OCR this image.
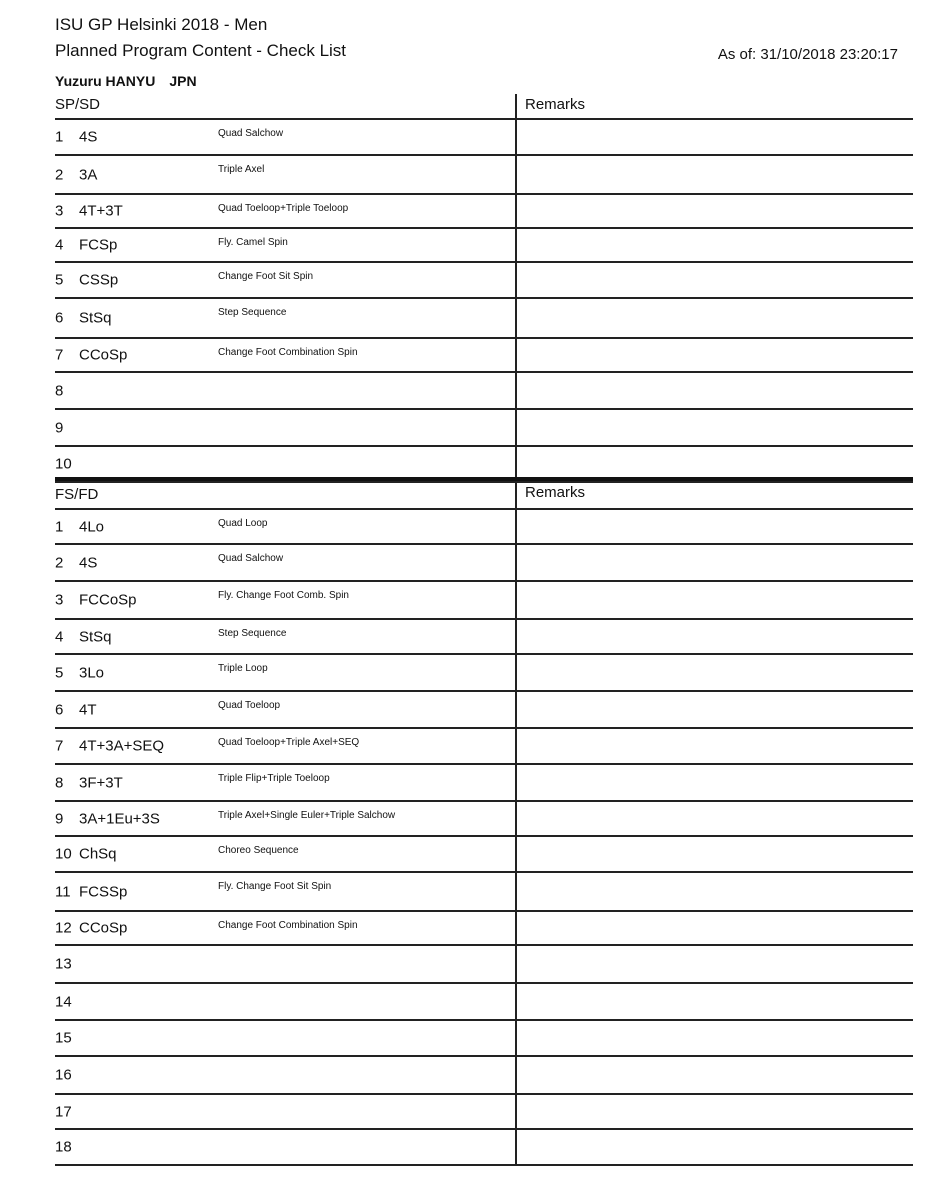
ISU GP Helsinki 2018 - Men
Planned Program Content - Check List	As of: 31/10/2018 23:20:17
Yuzuru HANYU JPN
SP/SD	Remarks
1 4S	Quad Salchow
2 3A	Triple Axel
3 4T+3T	Quad Toeloop+Triple Toeloop
4 FCSp	Fly. Camel Spin
5 CSSp	Change Foot Sit Spin
6 StSq	Step Sequence
7 CCoSp	Change Foot Combination Spin
8
9
10
FS/FD	Remarks
1 4Lo	Quad Loop
2 4S	Quad Salchow
3 FCCoSp	Fly. Change Foot Comb. Spin
4 StSq	Step Sequence
5 3Lo	Triple Loop
6 4T	Quad Toeloop
7 4T+3A+SEQ	Quad Toeloop+Triple Axel+SEQ
8 3F+3T	Triple Flip+Triple Toeloop
9 3A+1Eu+3S	Triple Axel+Single Euler+Triple Salchow
10 ChSq	Choreo Sequence
11 FCSSp	Fly. Change Foot Sit Spin
12 CCoSp	Change Foot Combination Spin
13
14
15
16
17
18
